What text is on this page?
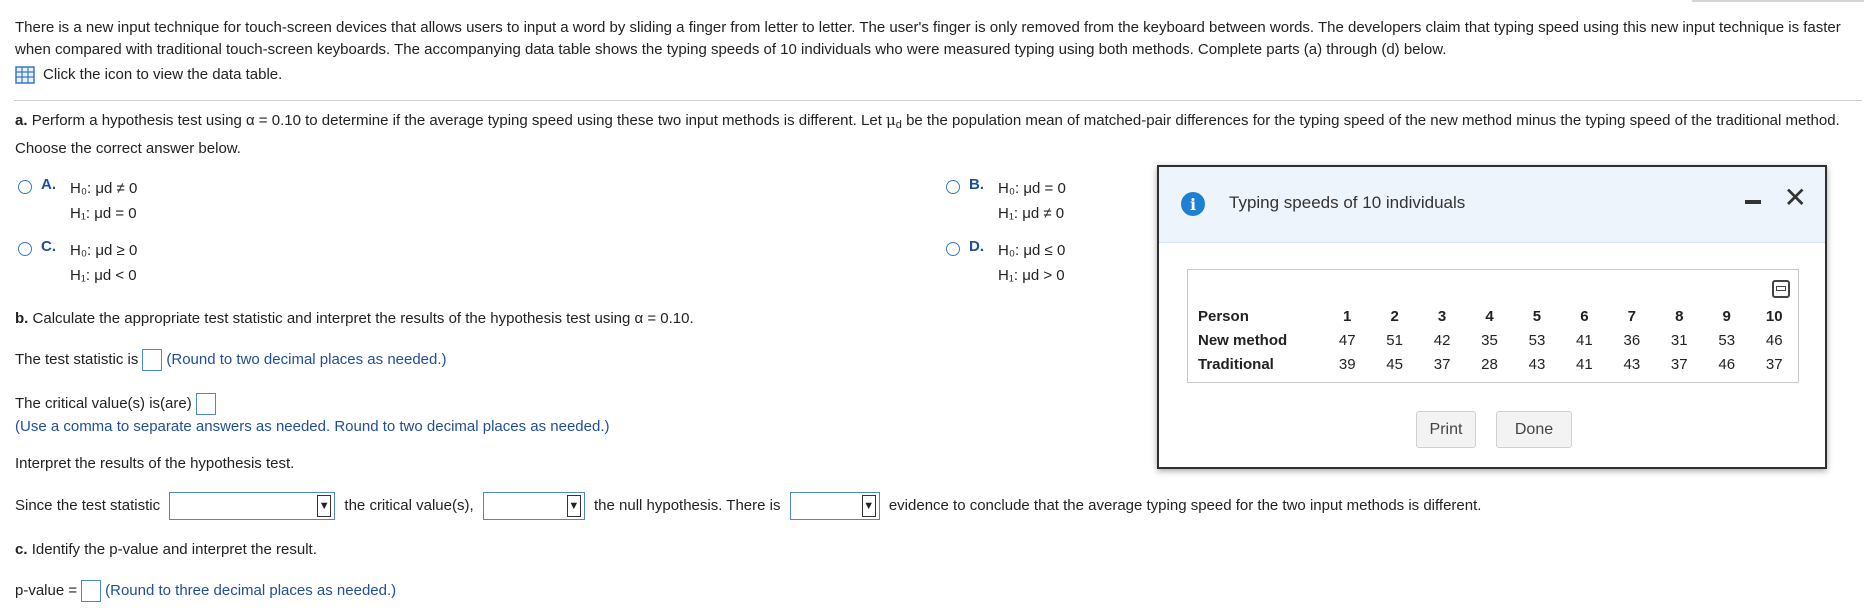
There is a new input technique for touch-screen devices that allows users to input a word by sliding a finger from letter to letter. The user's finger is only removed from the keyboard between words. The developers claim that typing speed using this new input technique is faster when compared with traditional touch-screen keyboards. The accompanying data table shows the typing speeds of 10 individuals who were measured typing using both methods. Complete parts (a) through (d) below.

Click the icon to view the data table.
a. Perform a hypothesis test using α = 0.10 to determine if the average typing speed using these two input methods is different. Let $\mu_d$ be the population mean of matched-pair differences for the typing speed of the new method minus the typing speed of the traditional method. Choose the correct answer below.
A. H₀: μd ≠ 0
H₁: μd = 0
B. H₀: μd = 0
H₁: μd ≠ 0
C. H₀: μd ≥ 0
H₁: μd < 0
D. H₀: μd ≤ 0
H₁: μd > 0
b. Calculate the appropriate test statistic and interpret the results of the hypothesis test using α = 0.10.
The test statistic is (Round to two decimal places as needed.)
The critical value(s) is(are)
(Use a comma to separate answers as needed. Round to two decimal places as needed.)
Interpret the results of the hypothesis test.
Since the test statistic	▼ the critical value(s),	▼ the null hypothesis. There is	▼ evidence to conclude that the average typing speed for the two input methods is different.
c. Identify the p-value and interpret the result.
p-value = (Round to three decimal places as needed.)
i	Typing speeds of 10 individuals	✕
Person	1	2	3	4	5	6	7	8	9	10
New method	47	51	42	35	53	41	36	31	53	46
Traditional	39	45	37	28	43	41	43	37	46	37
Print	Done
